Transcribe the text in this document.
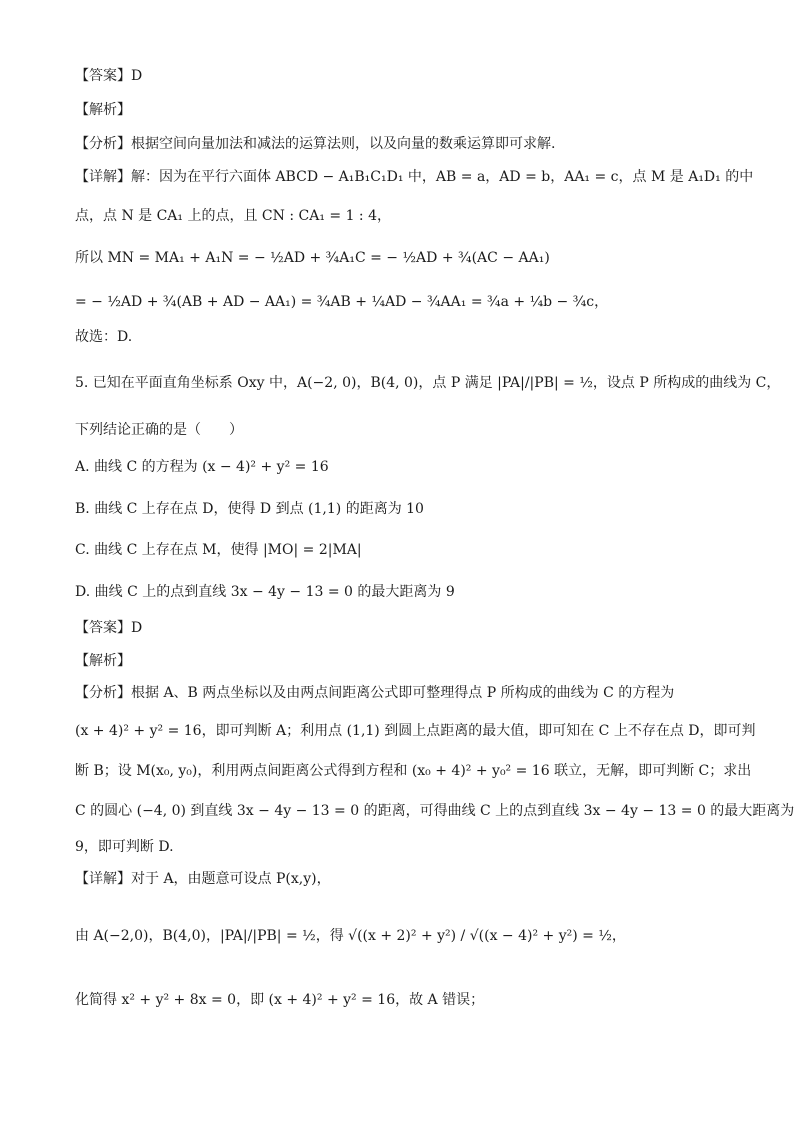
【答案】D
【解析】
【分析】根据空间向量加法和减法的运算法则，以及向量的数乘运算即可求解.
【详解】解：因为在平行六面体 ABCD − A₁B₁C₁D₁ 中，AB = a，AD = b，AA₁ = c，点 M 是 A₁D₁ 的中
点，点 N 是 CA₁ 上的点，且 CN : CA₁ = 1 : 4，
所以 MN = MA₁ + A₁N = − ½AD + ¾A₁C = − ½AD + ¾(AC − AA₁)
= − ½AD + ¾(AB + AD − AA₁) = ¾AB + ¼AD − ¾AA₁ = ¾a + ¼b − ¾c，
故选：D.
5. 已知在平面直角坐标系 Oxy 中，A(−2, 0)，B(4, 0)，点 P 满足 |PA|/|PB| = ½，设点 P 所构成的曲线为 C，
下列结论正确的是（　　）
A. 曲线 C 的方程为 (x − 4)² + y² = 16
B. 曲线 C 上存在点 D，使得 D 到点 (1,1) 的距离为 10
C. 曲线 C 上存在点 M，使得 |MO| = 2|MA|
D. 曲线 C 上的点到直线 3x − 4y − 13 = 0 的最大距离为 9
【答案】D
【解析】
【分析】根据 A、B 两点坐标以及由两点间距离公式即可整理得点 P 所构成的曲线为 C 的方程为
(x + 4)² + y² = 16，即可判断 A；利用点 (1,1) 到圆上点距离的最大值，即可知在 C 上不存在点 D，即可判
断 B；设 M(x₀, y₀)，利用两点间距离公式得到方程和 (x₀ + 4)² + y₀² = 16 联立，无解，即可判断 C；求出
C 的圆心 (−4, 0) 到直线 3x − 4y − 13 = 0 的距离，可得曲线 C 上的点到直线 3x − 4y − 13 = 0 的最大距离为
9，即可判断 D.
【详解】对于 A，由题意可设点 P(x,y)，
由 A(−2,0)，B(4,0)，|PA|/|PB| = ½，得 √((x + 2)² + y²) / √((x − 4)² + y²) = ½，
化简得 x² + y² + 8x = 0，即 (x + 4)² + y² = 16，故 A 错误；
